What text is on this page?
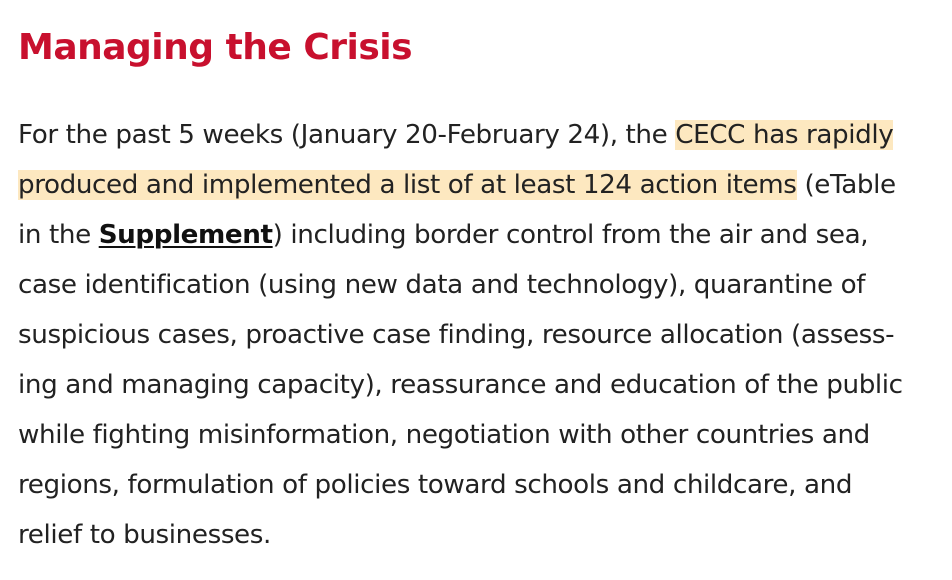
Managing the Crisis

For the past 5 weeks (January 20-February 24), the CECC has rapidly
produced and implemented a list of at least 124 action items (eTable
in the Supplement) including border control from the air and sea,
case identification (using new data and technology), quarantine of
suspicious cases, proactive case finding, resource allocation (assess-
ing and managing capacity), reassurance and education of the public
while fighting misinformation, negotiation with other countries and
regions, formulation of policies toward schools and childcare, and
relief to businesses.
